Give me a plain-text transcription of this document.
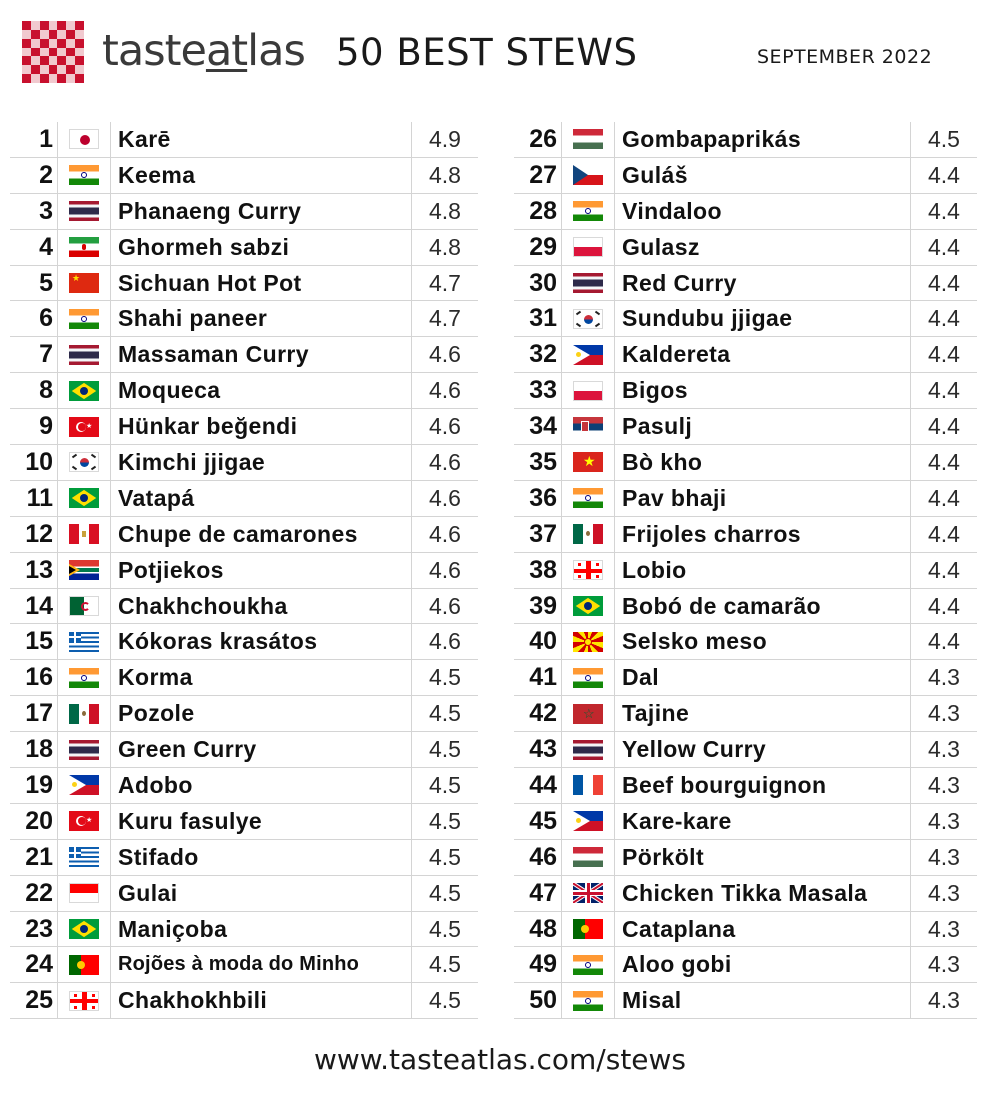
tasteatlas 50 BEST STEWS	SEPTEMBER 2022
1		Karē	4.9
2		Keema	4.8
3		Phanaeng Curry	4.8
4		Ghormeh sabzi	4.8
5	★	Sichuan Hot Pot	4.7
6		Shahi paneer	4.7
7		Massaman Curry	4.6
8		Moqueca	4.6
9	★	Hünkar beğendi	4.6
10		Kimchi jjigae	4.6
11		Vatapá	4.6
12		Chupe de camarones	4.6
13		Potjiekos	4.6
14		Chakhchoukha	4.6
15		Kókoras krasátos	4.6
16		Korma	4.5
17		Pozole	4.5
18		Green Curry	4.5
19		Adobo	4.5
20	★	Kuru fasulye	4.5
21		Stifado	4.5
22		Gulai	4.5
23		Maniçoba	4.5
24		Rojões à moda do Minho	4.5
25		Chakhokhbili	4.5
26		Gombapaprikás	4.5
27		Guláš	4.4
28		Vindaloo	4.4
29		Gulasz	4.4
30		Red Curry	4.4
31		Sundubu jjigae	4.4
32		Kaldereta	4.4
33		Bigos	4.4
34		Pasulj	4.4
35	★	Bò kho	4.4
36		Pav bhaji	4.4
37		Frijoles charros	4.4
38		Lobio	4.4
39		Bobó de camarão	4.4
40		Selsko meso	4.4
41		Dal	4.3
42	☆	Tajine	4.3
43		Yellow Curry	4.3
44		Beef bourguignon	4.3
45		Kare-kare	4.3
46		Pörkölt	4.3
47		Chicken Tikka Masala	4.3
48		Cataplana	4.3
49		Aloo gobi	4.3
50		Misal	4.3
www.tasteatlas.com/stews
